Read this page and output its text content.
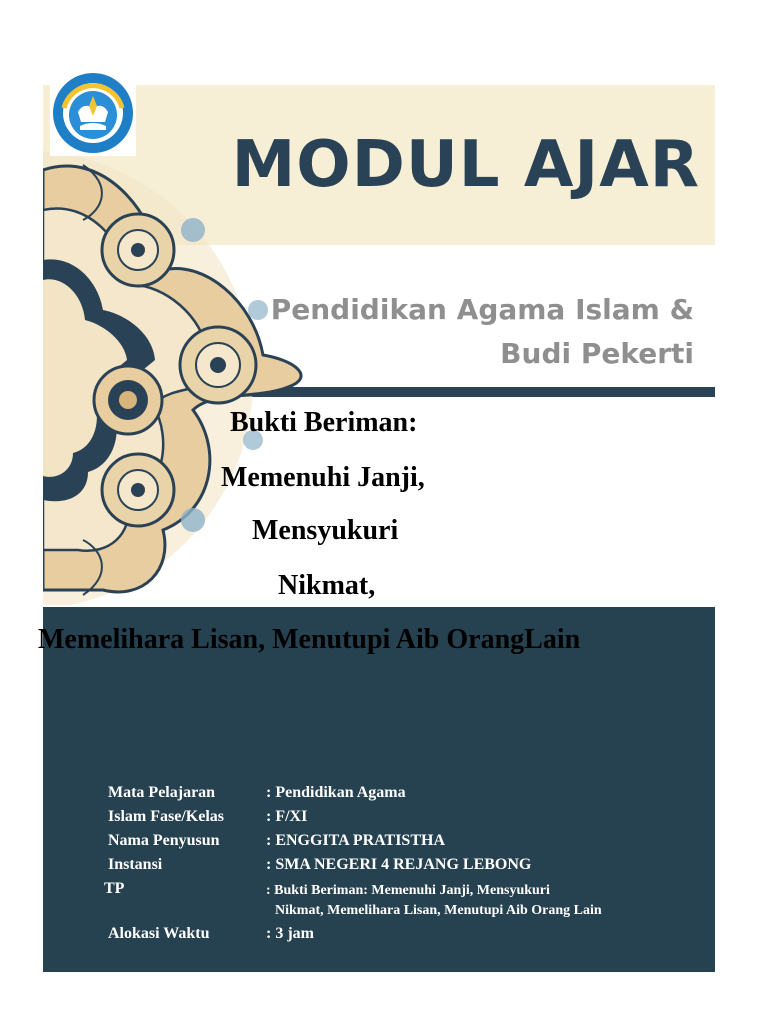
MODUL AJAR
Pendidikan Agama Islam &
Budi Pekerti
Bukti Beriman:
Memenuhi Janji,
Mensyukuri
Nikmat,
Memelihara Lisan, Menutupi Aib OrangLain
Mata Pelajaran	: Pendidikan Agama
Islam Fase/Kelas	: F/XI
Nama Penyusun	: ENGGITA PRATISTHA
Instansi	: SMA NEGERI 4 REJANG LEBONG
TP	: Bukti Beriman: Memenuhi Janji, Mensyukuri
Nikmat, Memelihara Lisan, Menutupi Aib Orang Lain
Alokasi Waktu	: 3 jam
